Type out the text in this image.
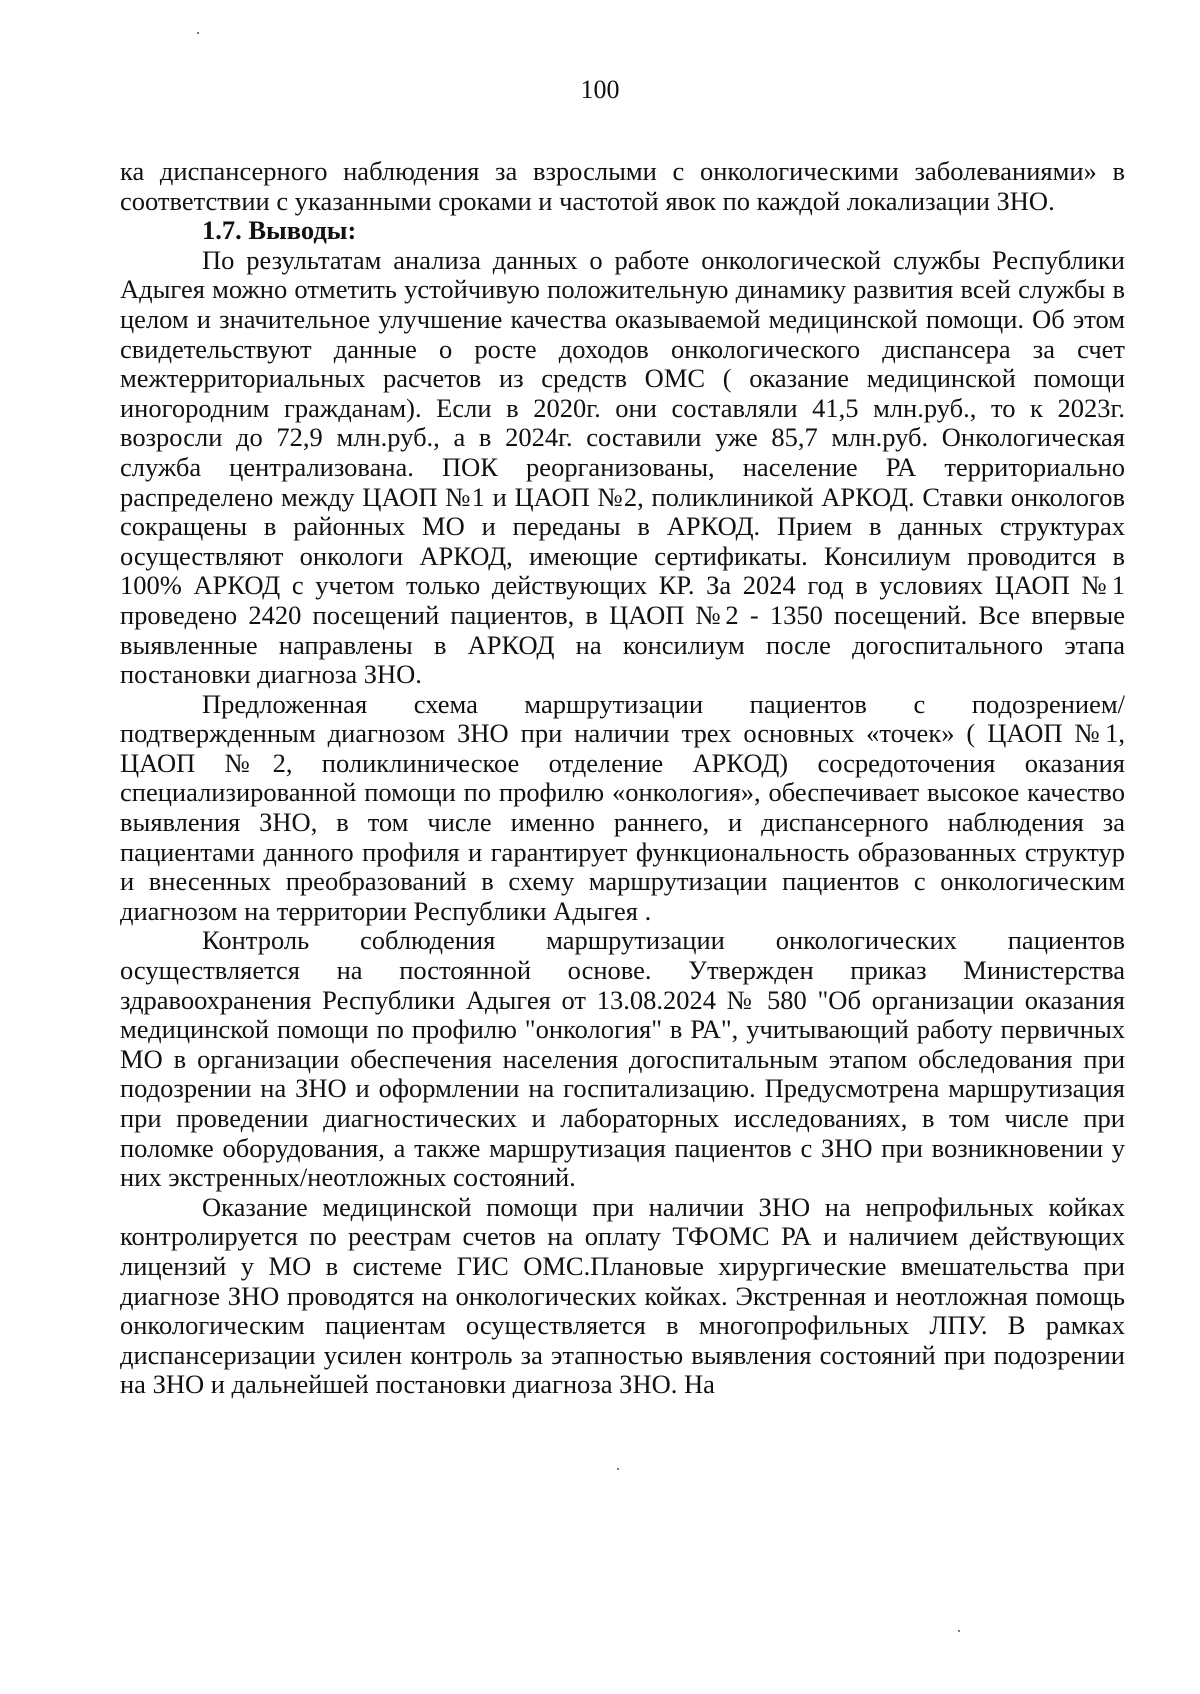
100

ка диспансерного наблюдения за взрослыми с онкологическими заболеваниями» в соответствии с указанными сроками и частотой явок по каждой локализации ЗНО.

1.7. Выводы:

По результатам анализа данных о работе онкологической службы Республики Адыгея можно отметить устойчивую положительную динамику развития всей службы в целом и значительное улучшение качества оказываемой медицинской помощи. Об этом свидетельствуют данные о росте доходов онкологического диспансера за счет межтерриториальных расчетов из средств ОМС ( оказание медицинской помощи иногородним гражданам). Если в 2020г. они составляли 41,5 млн.руб., то к 2023г. возросли до 72,9 млн.руб., а в 2024г. составили уже 85,7 млн.руб. Онкологическая служба централизована. ПОК реорганизованы, население РА территориально распределено между ЦАОП №1 и ЦАОП №2, поликлиникой АРКОД. Ставки онкологов сокращены в районных МО и переданы в АРКОД. Прием в данных структурах осуществляют онкологи АРКОД, имеющие сертификаты. Консилиум проводится в 100% АРКОД с учетом только действующих КР. За 2024 год в условиях ЦАОП №1 проведено 2420 посещений пациентов, в ЦАОП №2 - 1350 посещений. Все впервые выявленные направлены в АРКОД на консилиум после догоспитального этапа постановки диагноза ЗНО.

Предложенная схема маршрутизации пациентов с подозрением/ подтвержденным диагнозом ЗНО при наличии трех основных «точек» ( ЦАОП №1, ЦАОП №2, поликлиническое отделение АРКОД) сосредоточения оказания специализированной помощи по профилю «онкология», обеспечивает высокое качество выявления ЗНО, в том числе именно раннего, и диспансерного наблюдения за пациентами данного профиля и гарантирует функциональность образованных структур и внесенных преобразований в схему маршрутизации пациентов с онкологическим диагнозом на территории Республики Адыгея .

Контроль соблюдения маршрутизации онкологических пациентов осуществляется на постоянной основе. Утвержден приказ Министерства здравоохранения Республики Адыгея от 13.08.2024 № 580 "Об организации оказания медицинской помощи по профилю "онкология" в РА", учитывающий работу первичных МО в организации обеспечения населения догоспитальным этапом обследования при подозрении на ЗНО и оформлении на госпитализацию. Предусмотрена маршрутизация при проведении диагностических и лабораторных исследованиях, в том числе при поломке оборудования, а также маршрутизация пациентов с ЗНО при возникновении у них экстренных/неотложных состояний.

Оказание медицинской помощи при наличии ЗНО на непрофильных койках контролируется по реестрам счетов на оплату ТФОМС РА и наличием действующих лицензий у МО в системе ГИС ОМС.Плановые хирургические вмешательства при диагнозе ЗНО проводятся на онкологических койках. Экстренная и неотложная помощь онкологическим пациентам осуществляется в многопрофильных ЛПУ. В рамках диспансеризации усилен контроль за этапностью выявления состояний при подозрении на ЗНО и дальнейшей постановки диагноза ЗНО. На
